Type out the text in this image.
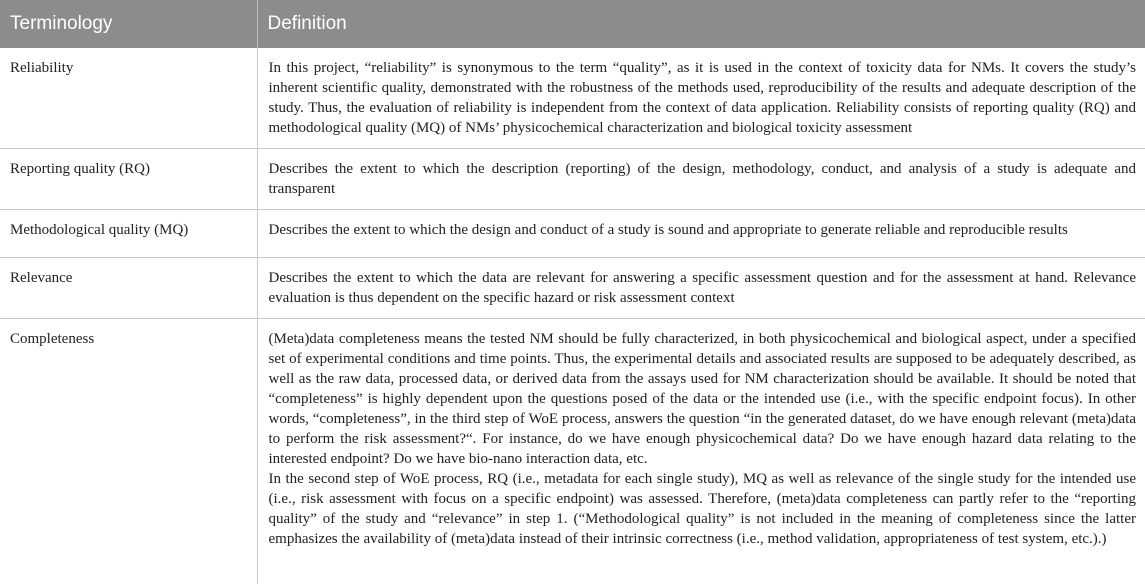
Terminology	Definition
Reliability	In this project, “reliability” is synonymous to the term “quality”, as it is used in the context of toxicity data for NMs. It covers the study’s inherent scientific quality, demonstrated with the robustness of the methods used, reproducibility of the results and adequate description of the study. Thus, the evaluation of reliability is independent from the context of data application. Reliability consists of reporting quality (RQ) and methodological quality (MQ) of NMs’ physicochemical characterization and biological toxicity assessment
Reporting quality (RQ)	Describes the extent to which the description (reporting) of the design, methodology, conduct, and analysis of a study is adequate and transparent
Methodological quality (MQ)	Describes the extent to which the design and conduct of a study is sound and appropriate to generate reliable and reproducible results
Relevance	Describes the extent to which the data are relevant for answering a specific assessment question and for the assessment at hand. Relevance evaluation is thus dependent on the specific hazard or risk assessment context
Completeness	(Meta)data completeness means the tested NM should be fully characterized, in both physicochemical and biological aspect, under a specified set of experimental conditions and time points. Thus, the experimental details and associated results are supposed to be adequately described, as well as the raw data, processed data, or derived data from the assays used for NM characterization should be available. It should be noted that “completeness” is highly dependent upon the questions posed of the data or the intended use (i.e., with the specific endpoint focus). In other words, “completeness”, in the third step of WoE process, answers the question “in the generated dataset, do we have enough relevant (meta)data to perform the risk assessment?“. For instance, do we have enough physicochemical data? Do we have enough hazard data relating to the interested endpoint? Do we have bio-nano interaction data, etc.
In the second step of WoE process, RQ (i.e., metadata for each single study), MQ as well as relevance of the single study for the intended use (i.e., risk assessment with focus on a specific endpoint) was assessed. Therefore, (meta)data completeness can partly refer to the “reporting quality” of the study and “relevance” in step 1. (“Methodological quality” is not included in the meaning of completeness since the latter emphasizes the availability of (meta)data instead of their intrinsic correctness (i.e., method validation, appropriateness of test system, etc.).)
